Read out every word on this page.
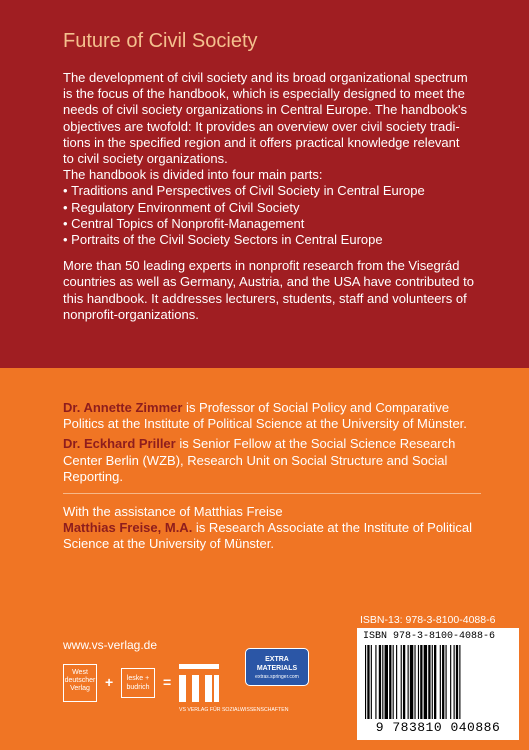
Future of Civil Society

The development of civil society and its broad organizational spectrum

is the focus of the handbook, which is especially designed to meet the

needs of civil society organizations in Central Europe. The handbook's

objectives are twofold: It provides an overview over civil society tradi-

tions in the specified region and it offers practical knowledge relevant

to civil society organizations.

The handbook is divided into four main parts:

• Traditions and Perspectives of Civil Society in Central Europe
• Regulatory Environment of Civil Society
• Central Topics of Nonprofit-Management
• Portraits of the Civil Society Sectors in Central Europe

More than 50 leading experts in nonprofit research from the Visegrád

countries as well as Germany, Austria, and the USA have contributed to

this handbook. It addresses lecturers, students, staff and volunteers of

nonprofit-organizations.

Dr. Annette Zimmer is Professor of Social Policy and Comparative
Politics at the Institute of Political Science at the University of Münster.

Dr. Eckhard Priller is Senior Fellow at the Social Science Research
Center Berlin (WZB), Research Unit on Social Structure and Social
Reporting.

With the assistance of Matthias Freise

Matthias Freise, M.A. is Research Associate at the Institute of Political
Science at the University of Münster.

www.vs-verlag.de
ISBN-13: 978-3-8100-4088-6
ISBN 978-3-8100-4088-6
9 783810 040886
West
deutscher
Verlag	+	leske +
budrich =
VS VERLAG FÜR SOZIALWISSENSCHAFTEN
EXTRA
MATERIALS
extras.springer.com
